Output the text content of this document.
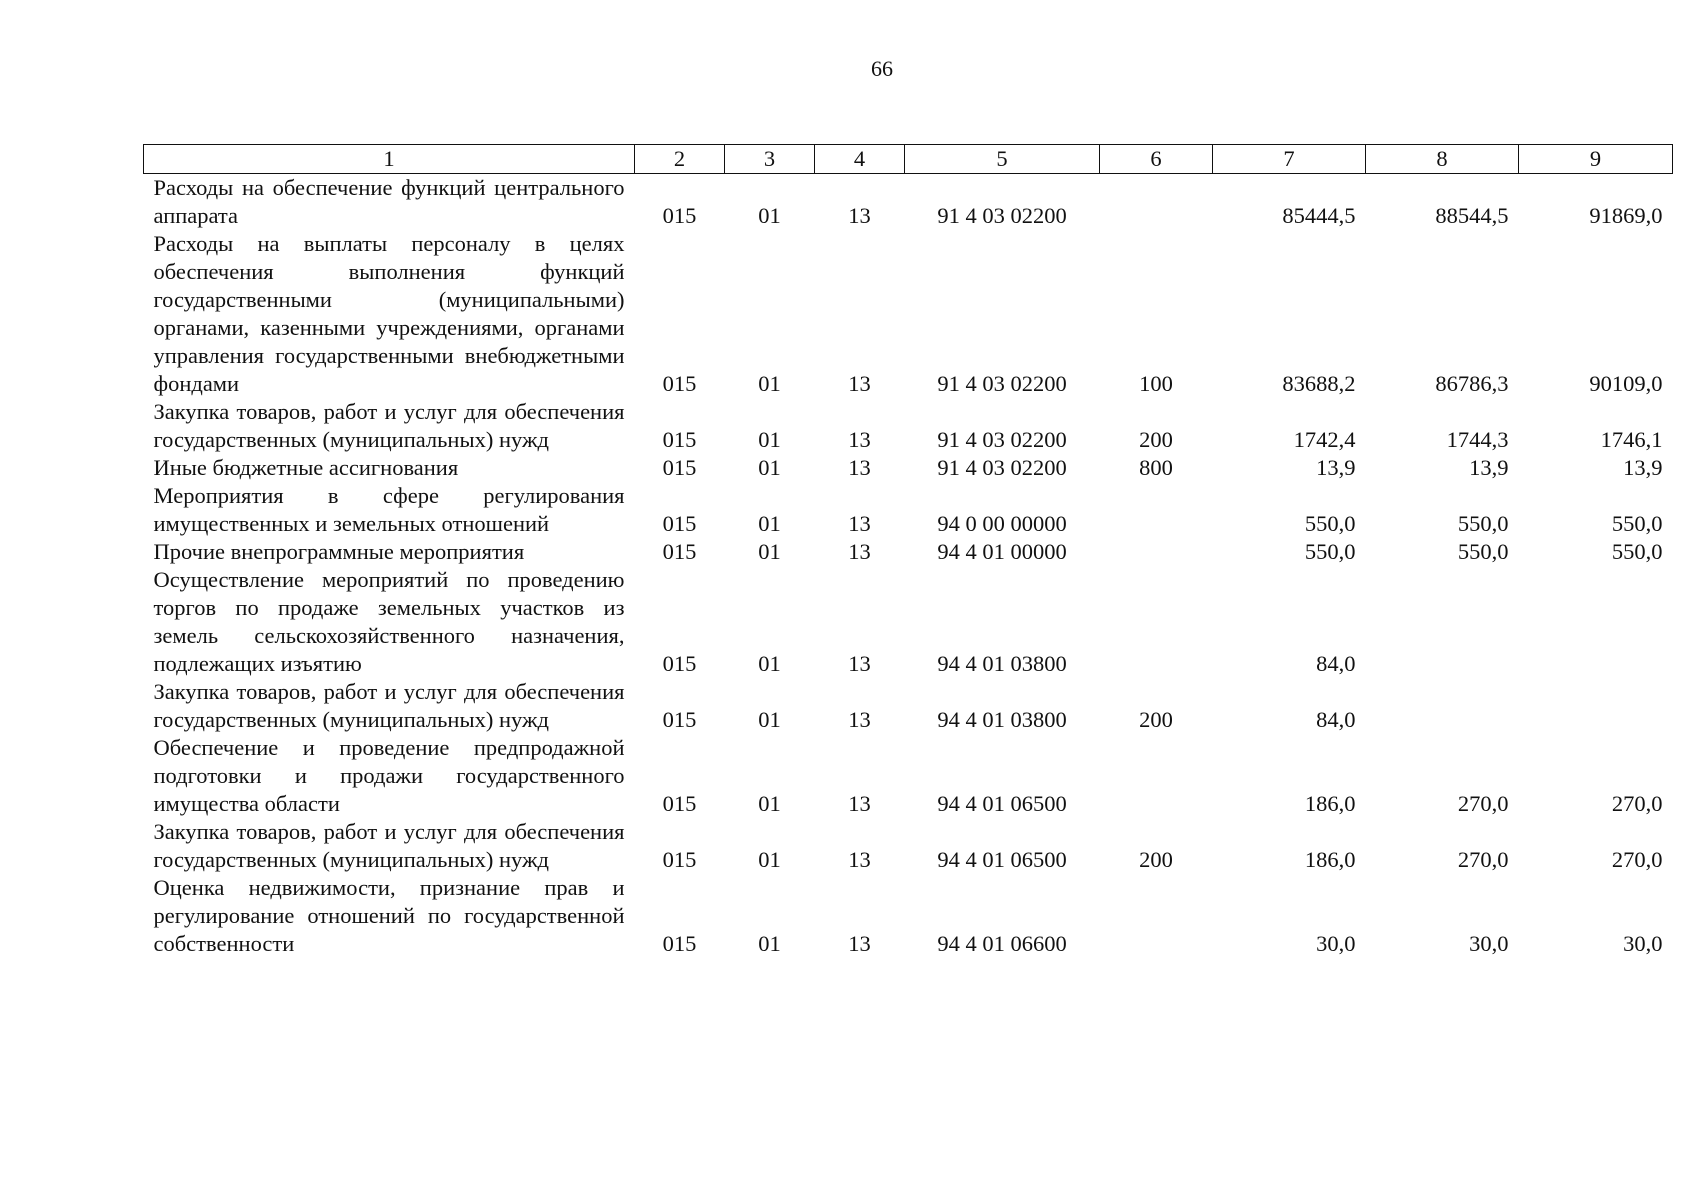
66
1	2	3	4	5	6	7	8	9
Расходы на обеспечение функций центрального аппарата	015	01	13	91 4 03 02200		85444,5	88544,5	91869,0
Расходы на выплаты персоналу в целях обеспечения выполнения функций государственными (муниципальными) органами, казенными учреждениями, органами управления государственными внебюджетными фондами	015	01	13	91 4 03 02200	100	83688,2	86786,3	90109,0
Закупка товаров, работ и услуг для обеспечения государственных (муниципальных) нужд	015	01	13	91 4 03 02200	200	1742,4	1744,3	1746,1
Иные бюджетные ассигнования	015	01	13	91 4 03 02200	800	13,9	13,9	13,9
Мероприятия в сфере регулирования имущественных и земельных отношений	015	01	13	94 0 00 00000		550,0	550,0	550,0
Прочие внепрограммные мероприятия	015	01	13	94 4 01 00000		550,0	550,0	550,0
Осуществление мероприятий по проведению торгов по продаже земельных участков из земель сельскохозяйственного назначения, подлежащих изъятию	015	01	13	94 4 01 03800		84,0		
Закупка товаров, работ и услуг для обеспечения государственных (муниципальных) нужд	015	01	13	94 4 01 03800	200	84,0		
Обеспечение и проведение предпродажной подготовки и продажи государственного имущества области	015	01	13	94 4 01 06500		186,0	270,0	270,0
Закупка товаров, работ и услуг для обеспечения государственных (муниципальных) нужд	015	01	13	94 4 01 06500	200	186,0	270,0	270,0
Оценка недвижимости, признание прав и регулирование отношений по государственной собственности	015	01	13	94 4 01 06600		30,0	30,0	30,0
